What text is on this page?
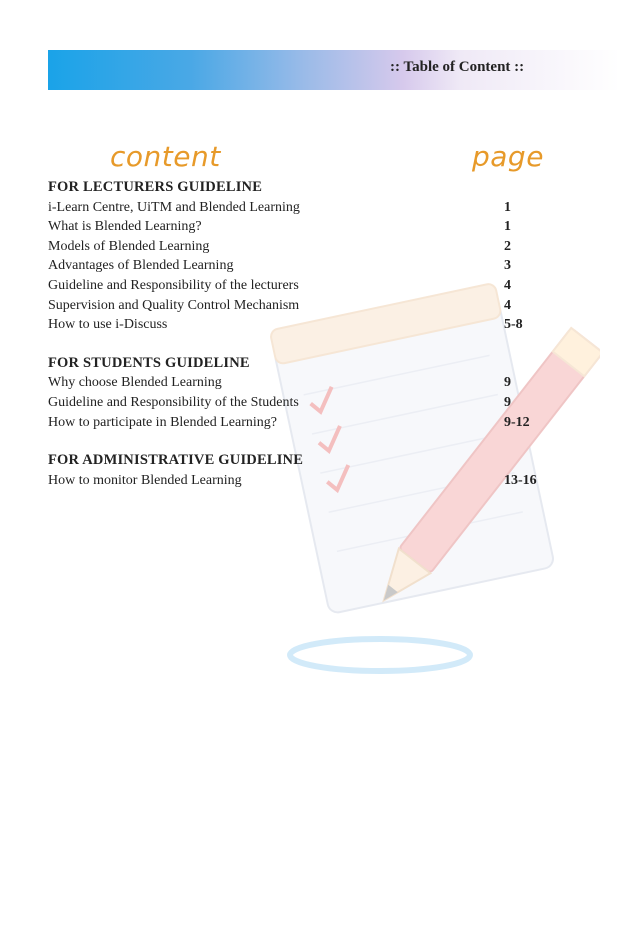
:: Table of Content ::
content	page
FOR LECTURERS GUIDELINE
i-Learn Centre, UiTM and Blended Learning	1
What is Blended Learning?	1
Models of Blended Learning	2
Advantages of Blended Learning	3
Guideline and Responsibility of the lecturers	4
Supervision and Quality Control Mechanism	4
How to use i-Discuss	5-8
FOR STUDENTS GUIDELINE
Why choose Blended Learning	9
Guideline and Responsibility of the Students	9
How to participate in Blended Learning?	9-12
FOR ADMINISTRATIVE GUIDELINE
How to monitor Blended Learning	13-16
